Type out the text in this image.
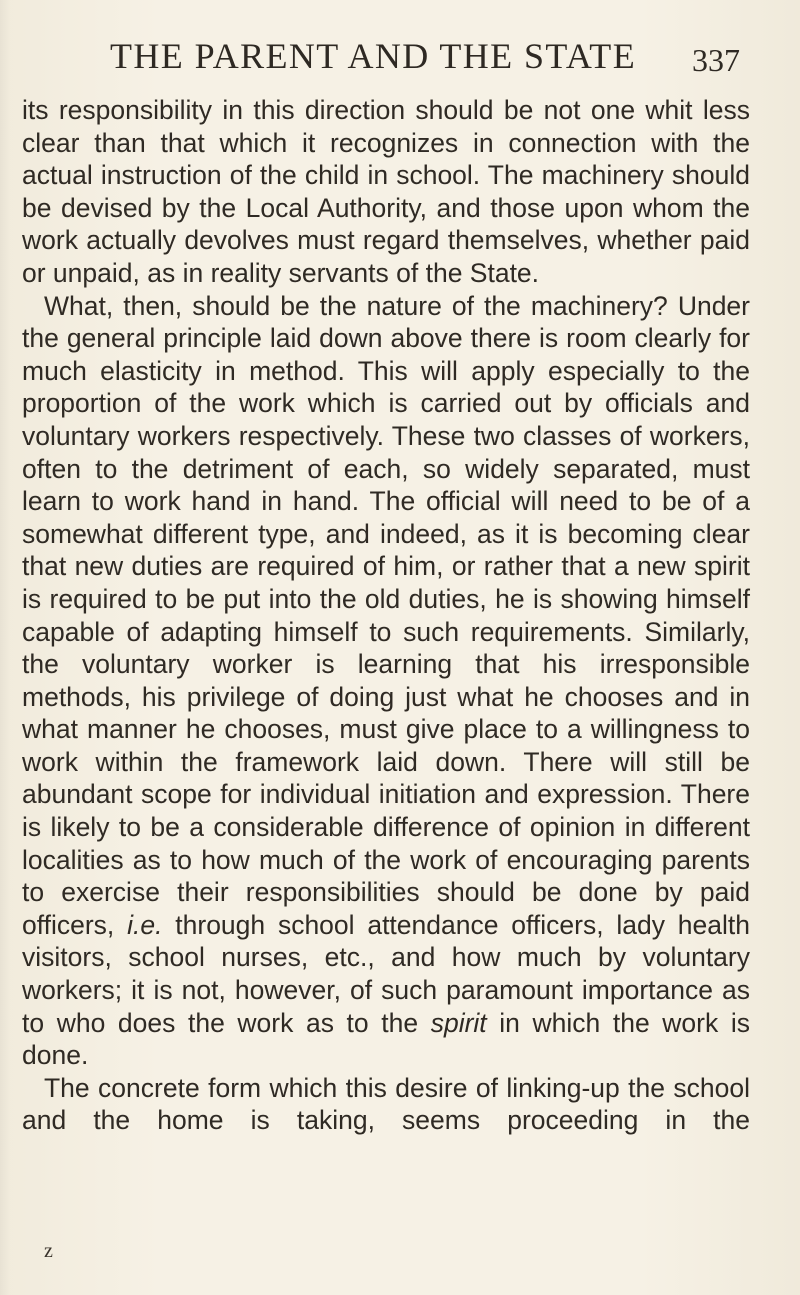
THE PARENT AND THE STATE 337

its responsibility in this direction should be not one whit less clear than that which it recognizes in connection with the actual instruction of the child in school. The machinery should be devised by the Local Authority, and those upon whom the work actually devolves must regard themselves, whether paid or unpaid, as in reality servants of the State.

What, then, should be the nature of the machinery? Under the general principle laid down above there is room clearly for much elasticity in method. This will apply especially to the proportion of the work which is carried out by officials and voluntary workers respectively. These two classes of workers, often to the detriment of each, so widely separated, must learn to work hand in hand. The official will need to be of a somewhat different type, and indeed, as it is becoming clear that new duties are required of him, or rather that a new spirit is required to be put into the old duties, he is showing himself capable of adapting himself to such requirements. Similarly, the voluntary worker is learning that his irresponsible methods, his privilege of doing just what he chooses and in what manner he chooses, must give place to a willingness to work within the framework laid down. There will still be abundant scope for individual initiation and expression. There is likely to be a considerable difference of opinion in different localities as to how much of the work of encouraging parents to exercise their responsibilities should be done by paid officers, i.e. through school attendance officers, lady health visitors, school nurses, etc., and how much by voluntary workers; it is not, however, of such paramount importance as to who does the work as to the spirit in which the work is done.

The concrete form which this desire of linking-up the school and the home is taking, seems proceeding in the

z
